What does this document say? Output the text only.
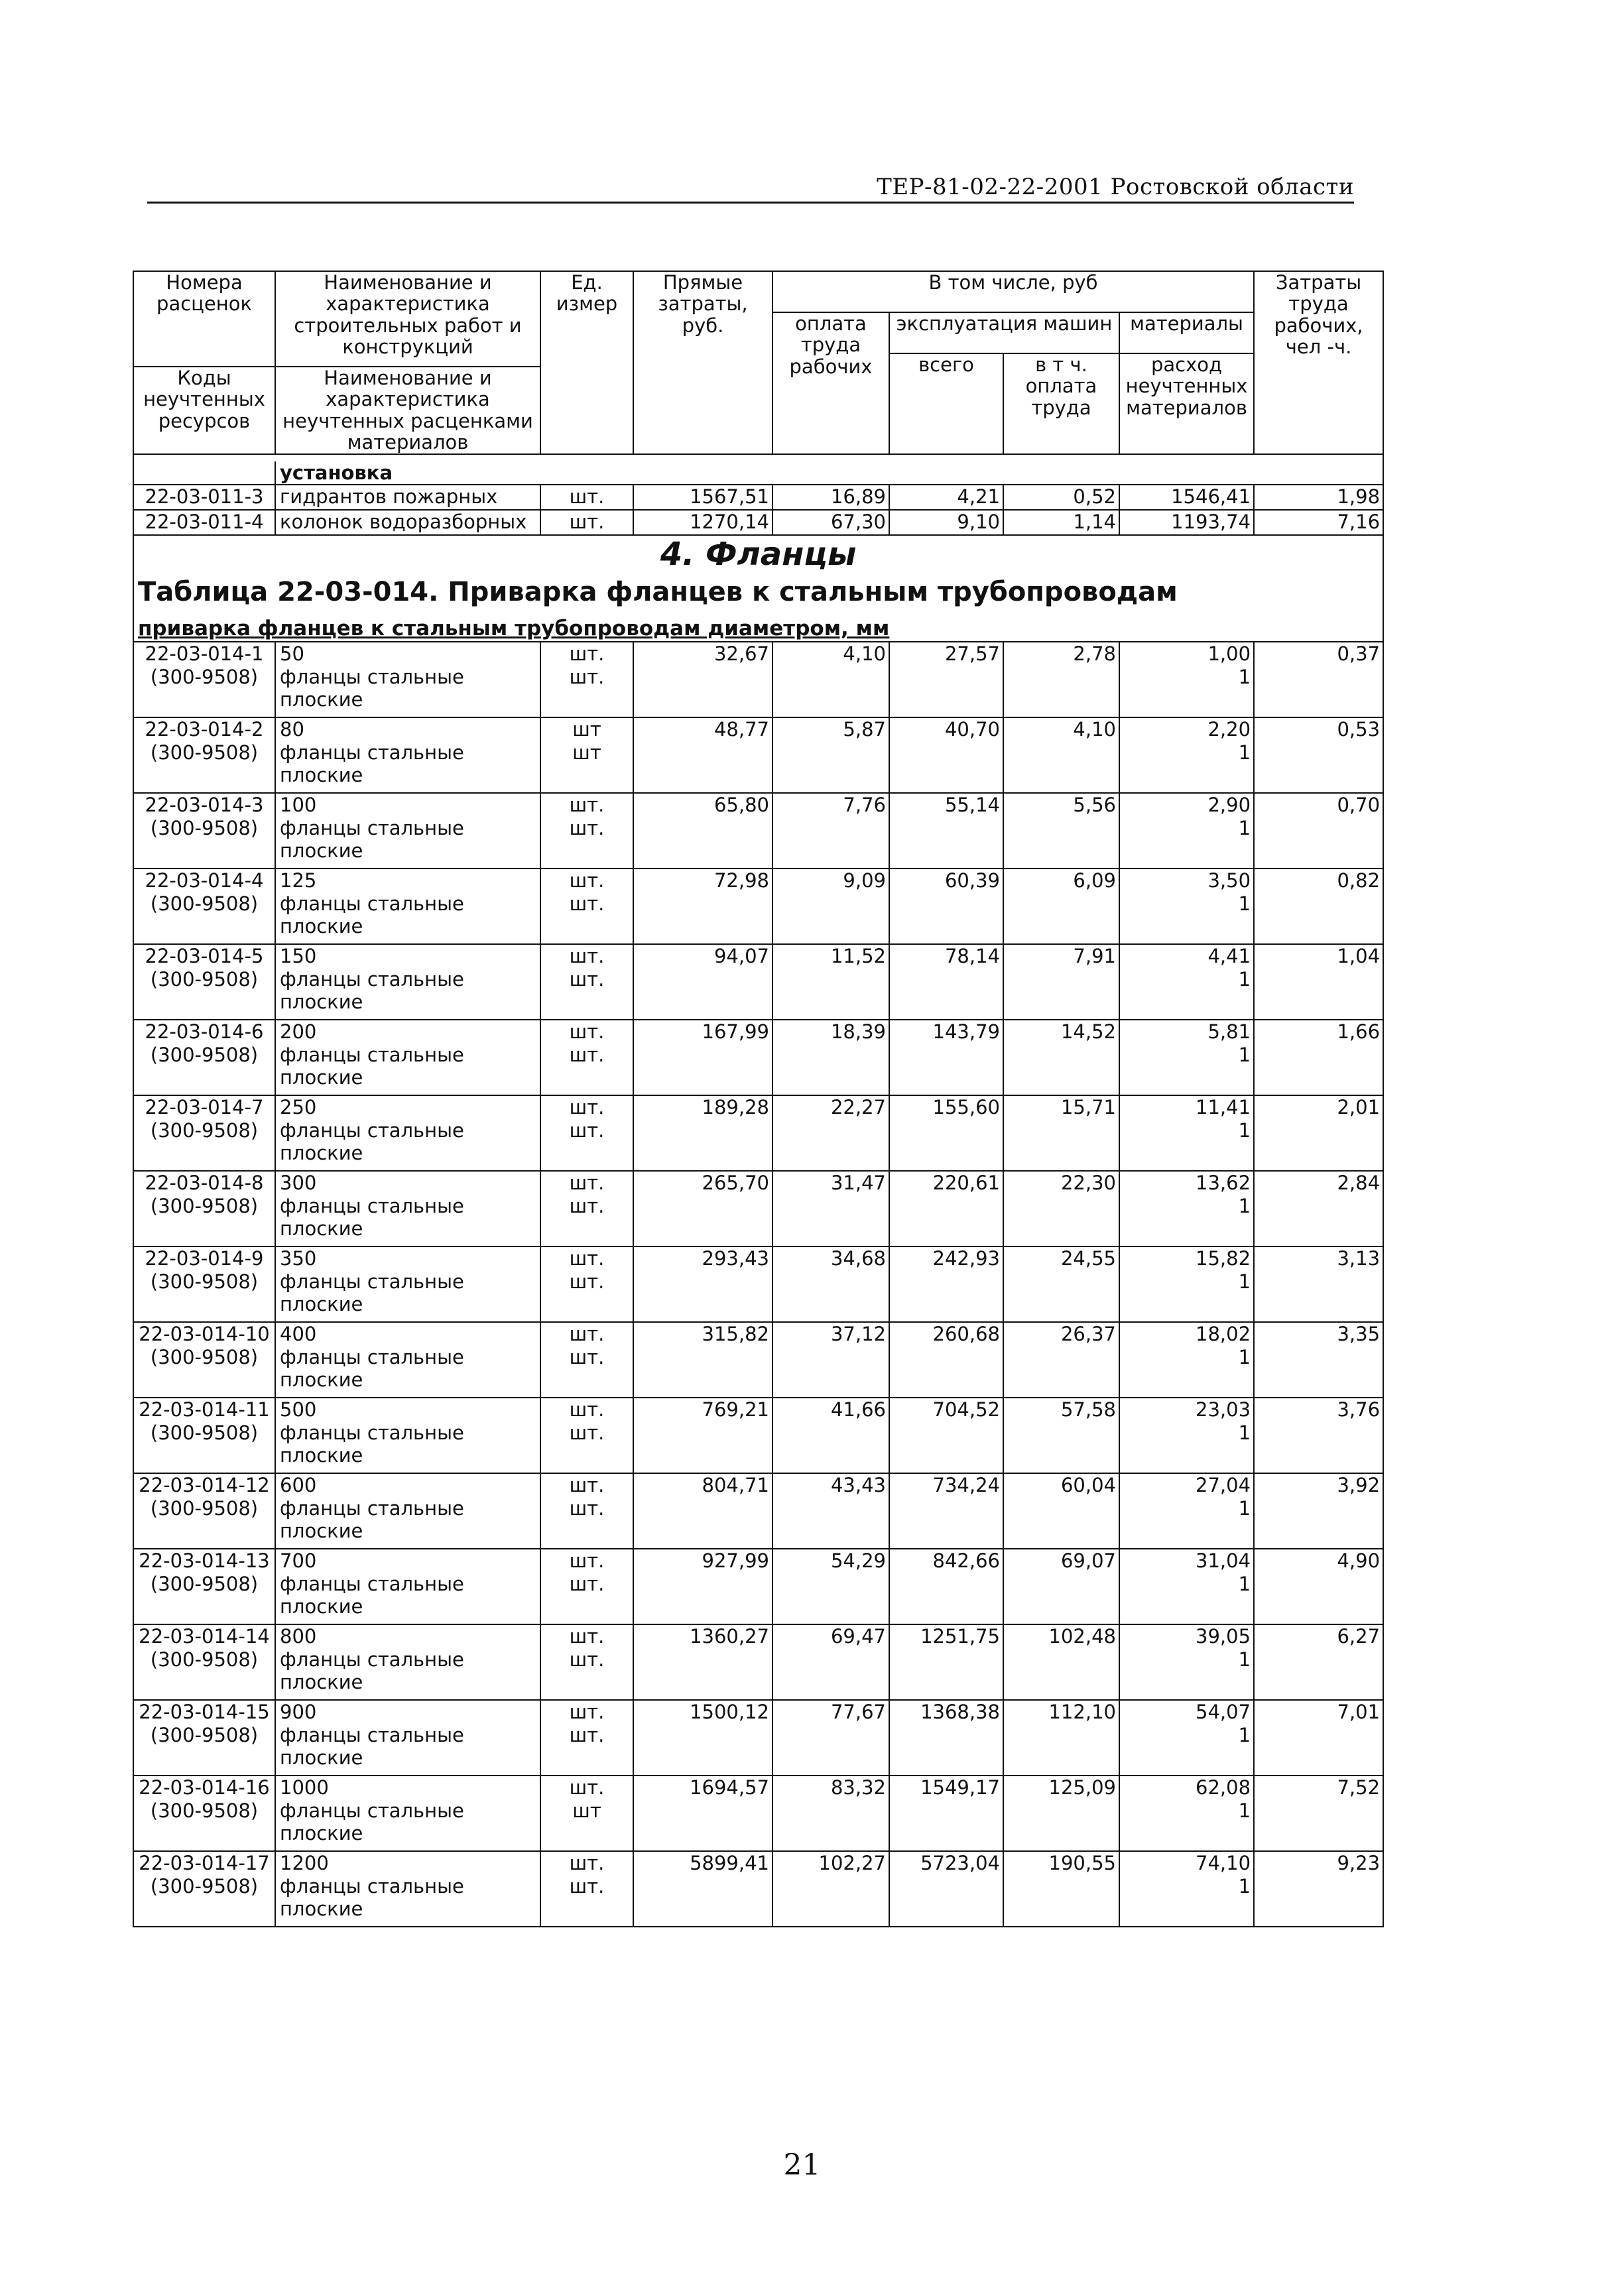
ТЕР-81-02-22-2001 Ростовской области
Номера расценок	Наименование и характеристика строительных работ и конструкций	Ед. измер	Прямые затраты, руб.	В том числе, руб				Затраты труда рабочих, чел -ч.
				оплата труда рабочих	эксплуатация машин		материалы	
					всего	в т ч. оплата труда	расход неучтенных материалов	
Коды неучтенных ресурсов	Наименование и характеристика неучтенных расценками материалов							

	установка							
22-03-011-3	гидрантов пожарных	шт.	1567,51	16,89	4,21	0,52	1546,41	1,98
22-03-011-4	колонок водоразборных	шт.	1270,14	67,30	9,10	1,14	1193,74	7,16
4. Фланцы								
Таблица 22-03-014. Приварка фланцев к стальным трубопроводам								
приварка фланцев к стальным трубопроводам диаметром, мм								
22-03-014-1	50	шт.	32,67	4,10	27,57	2,78	1,00	0,37
(300-9508)	фланцы стальные
плоские	шт.					1	
22-03-014-2	80	шт	48,77	5,87	40,70	4,10	2,20	0,53
(300-9508)	фланцы стальные
плоские	шт					1	
22-03-014-3	100	шт.	65,80	7,76	55,14	5,56	2,90	0,70
(300-9508)	фланцы стальные
плоские	шт.					1	
22-03-014-4	125	шт.	72,98	9,09	60,39	6,09	3,50	0,82
(300-9508)	фланцы стальные
плоские	шт.					1	
22-03-014-5	150	шт.	94,07	11,52	78,14	7,91	4,41	1,04
(300-9508)	фланцы стальные
плоские	шт.					1	
22-03-014-6	200	шт.	167,99	18,39	143,79	14,52	5,81	1,66
(300-9508)	фланцы стальные
плоские	шт.					1	
22-03-014-7	250	шт.	189,28	22,27	155,60	15,71	11,41	2,01
(300-9508)	фланцы стальные
плоские	шт.					1	
22-03-014-8	300	шт.	265,70	31,47	220,61	22,30	13,62	2,84
(300-9508)	фланцы стальные
плоские	шт.					1	
22-03-014-9	350	шт.	293,43	34,68	242,93	24,55	15,82	3,13
(300-9508)	фланцы стальные
плоские	шт.					1	
22-03-014-10	400	шт.	315,82	37,12	260,68	26,37	18,02	3,35
(300-9508)	фланцы стальные
плоские	шт.					1	
22-03-014-11	500	шт.	769,21	41,66	704,52	57,58	23,03	3,76
(300-9508)	фланцы стальные
плоские	шт.					1	
22-03-014-12	600	шт.	804,71	43,43	734,24	60,04	27,04	3,92
(300-9508)	фланцы стальные
плоские	шт.					1	
22-03-014-13	700	шт.	927,99	54,29	842,66	69,07	31,04	4,90
(300-9508)	фланцы стальные
плоские	шт.					1	
22-03-014-14	800	шт.	1360,27	69,47	1251,75	102,48	39,05	6,27
(300-9508)	фланцы стальные
плоские	шт.					1	
22-03-014-15	900	шт.	1500,12	77,67	1368,38	112,10	54,07	7,01
(300-9508)	фланцы стальные
плоские	шт.					1	
22-03-014-16	1000	шт.	1694,57	83,32	1549,17	125,09	62,08	7,52
(300-9508)	фланцы стальные
плоские	шт					1	
22-03-014-17	1200	шт.	5899,41	102,27	5723,04	190,55	74,10	9,23
(300-9508)	фланцы стальные
плоские	шт.					1	
21
